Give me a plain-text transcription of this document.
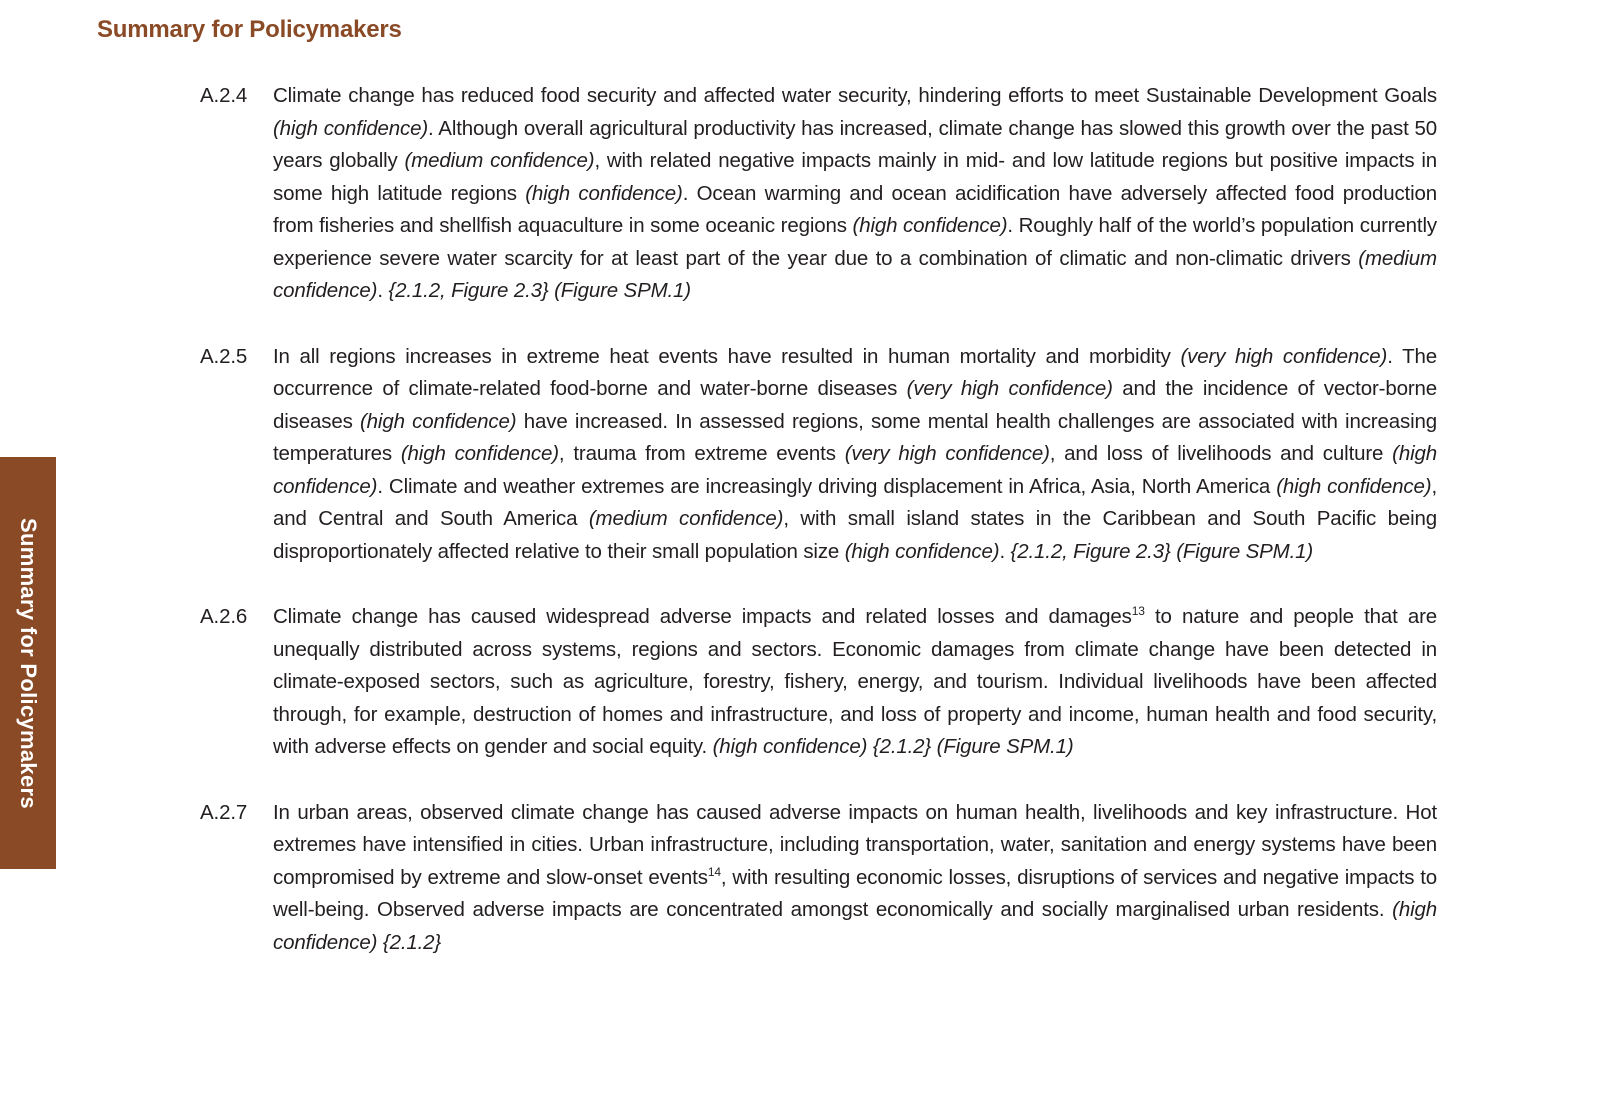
Summary for Policymakers
Summary for Policymakers
A.2.4	Climate change has reduced food security and affected water security, hindering efforts to meet Sustainable Development Goals (high confidence). Although overall agricultural productivity has increased, climate change has slowed this growth over the past 50 years globally (medium confidence), with related negative impacts mainly in mid- and low latitude regions but positive impacts in some high latitude regions (high confidence). Ocean warming and ocean acidification have adversely affected food production from fisheries and shellfish aquaculture in some oceanic regions (high confidence). Roughly half of the world’s population currently experience severe water scarcity for at least part of the year due to a combination of climatic and non-climatic drivers (medium confidence). {2.1.2, Figure 2.3} (Figure SPM.1)
A.2.5	In all regions increases in extreme heat events have resulted in human mortality and morbidity (very high confidence). The occurrence of climate-related food-borne and water-borne diseases (very high confidence) and the incidence of vector-borne diseases (high confidence) have increased. In assessed regions, some mental health challenges are associated with increasing temperatures (high confidence), trauma from extreme events (very high confidence), and loss of livelihoods and culture (high confidence). Climate and weather extremes are increasingly driving displacement in Africa, Asia, North America (high confidence), and Central and South America (medium confidence), with small island states in the Caribbean and South Pacific being disproportionately affected relative to their small population size (high confidence). {2.1.2, Figure 2.3} (Figure SPM.1)
A.2.6	Climate change has caused widespread adverse impacts and related losses and damages$^{13}$ to nature and people that are unequally distributed across systems, regions and sectors. Economic damages from climate change have been detected in climate-exposed sectors, such as agriculture, forestry, fishery, energy, and tourism. Individual livelihoods have been affected through, for example, destruction of homes and infrastructure, and loss of property and income, human health and food security, with adverse effects on gender and social equity. (high confidence) {2.1.2} (Figure SPM.1)
A.2.7	In urban areas, observed climate change has caused adverse impacts on human health, livelihoods and key infrastructure. Hot extremes have intensified in cities. Urban infrastructure, including transportation, water, sanitation and energy systems have been compromised by extreme and slow-onset events$^{14}$, with resulting economic losses, disruptions of services and negative impacts to well-being. Observed adverse impacts are concentrated amongst economically and socially marginalised urban residents. (high confidence) {2.1.2}
